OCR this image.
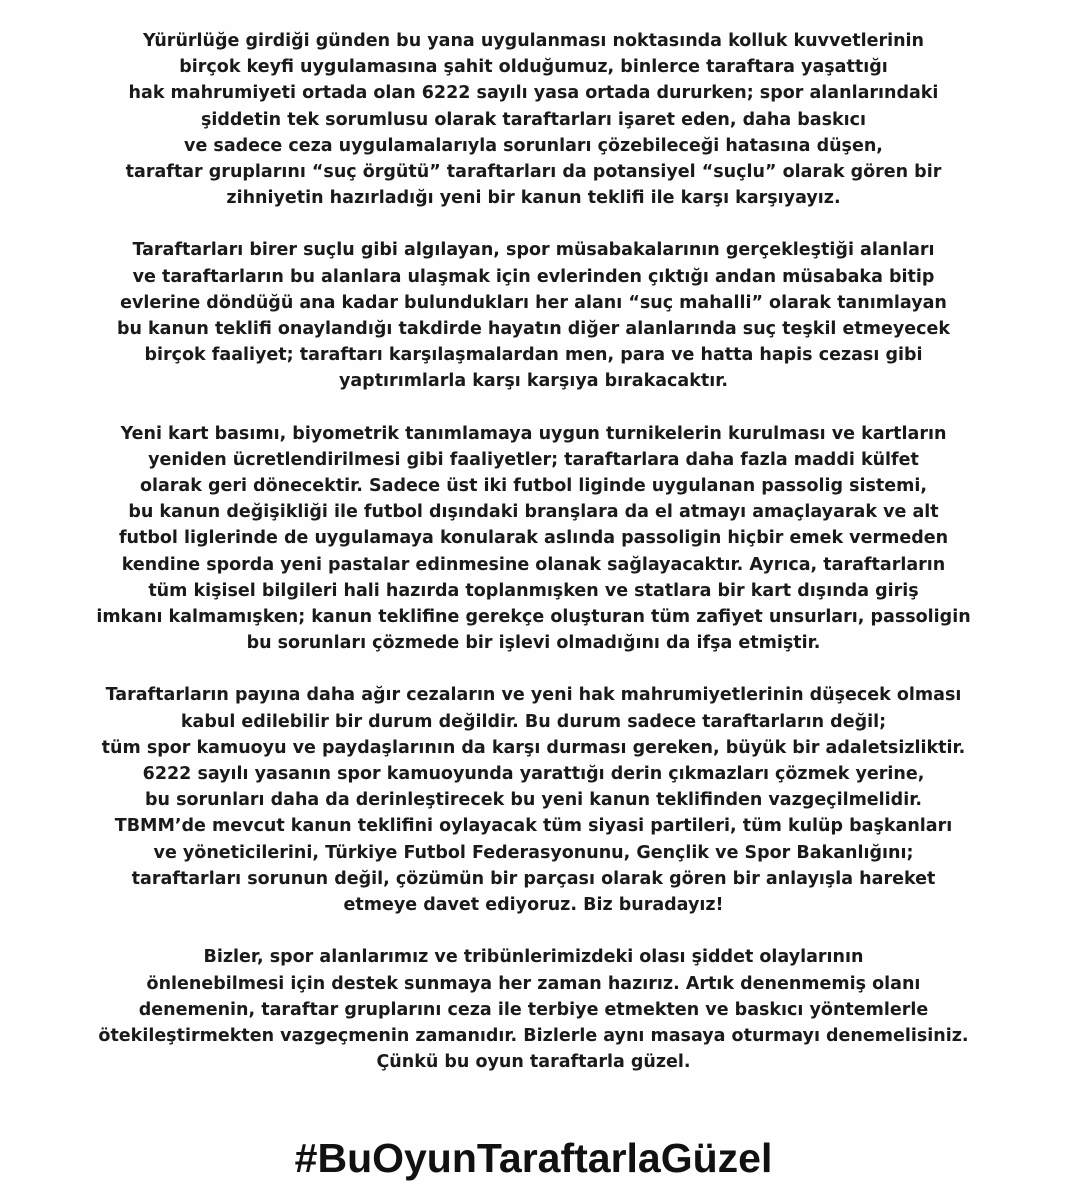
Yürürlüğe girdiği günden bu yana uygulanması noktasında kolluk kuvvetlerinin
birçok keyfi uygulamasına şahit olduğumuz, binlerce taraftara yaşattığı
hak mahrumiyeti ortada olan 6222 sayılı yasa ortada dururken; spor alanlarındaki
şiddetin tek sorumlusu olarak taraftarları işaret eden, daha baskıcı
ve sadece ceza uygulamalarıyla sorunları çözebileceği hatasına düşen,
taraftar gruplarını “suç örgütü” taraftarları da potansiyel “suçlu” olarak gören bir
zihniyetin hazırladığı yeni bir kanun teklifi ile karşı karşıyayız.

Taraftarları birer suçlu gibi algılayan, spor müsabakalarının gerçekleştiği alanları
ve taraftarların bu alanlara ulaşmak için evlerinden çıktığı andan müsabaka bitip
evlerine döndüğü ana kadar bulundukları her alanı “suç mahalli” olarak tanımlayan
bu kanun teklifi onaylandığı takdirde hayatın diğer alanlarında suç teşkil etmeyecek
birçok faaliyet; taraftarı karşılaşmalardan men, para ve hatta hapis cezası gibi
yaptırımlarla karşı karşıya bırakacaktır.

Yeni kart basımı, biyometrik tanımlamaya uygun turnikelerin kurulması ve kartların
yeniden ücretlendirilmesi gibi faaliyetler; taraftarlara daha fazla maddi külfet
olarak geri dönecektir. Sadece üst iki futbol liginde uygulanan passolig sistemi,
bu kanun değişikliği ile futbol dışındaki branşlara da el atmayı amaçlayarak ve alt
futbol liglerinde de uygulamaya konularak aslında passoligin hiçbir emek vermeden
kendine sporda yeni pastalar edinmesine olanak sağlayacaktır. Ayrıca, taraftarların
tüm kişisel bilgileri hali hazırda toplanmışken ve statlara bir kart dışında giriş
imkanı kalmamışken; kanun teklifine gerekçe oluşturan tüm zafiyet unsurları, passoligin
bu sorunları çözmede bir işlevi olmadığını da ifşa etmiştir.

Taraftarların payına daha ağır cezaların ve yeni hak mahrumiyetlerinin düşecek olması
kabul edilebilir bir durum değildir. Bu durum sadece taraftarların değil;
tüm spor kamuoyu ve paydaşlarının da karşı durması gereken, büyük bir adaletsizliktir.
6222 sayılı yasanın spor kamuoyunda yarattığı derin çıkmazları çözmek yerine,
bu sorunları daha da derinleştirecek bu yeni kanun teklifinden vazgeçilmelidir.
TBMM’de mevcut kanun teklifini oylayacak tüm siyasi partileri, tüm kulüp başkanları
ve yöneticilerini, Türkiye Futbol Federasyonunu, Gençlik ve Spor Bakanlığını;
taraftarları sorunun değil, çözümün bir parçası olarak gören bir anlayışla hareket
etmeye davet ediyoruz. Biz buradayız!

Bizler, spor alanlarımız ve tribünlerimizdeki olası şiddet olaylarının
önlenebilmesi için destek sunmaya her zaman hazırız. Artık denenmemiş olanı
denemenin, taraftar gruplarını ceza ile terbiye etmekten ve baskıcı yöntemlerle
ötekileştirmekten vazgeçmenin zamanıdır. Bizlerle aynı masaya oturmayı denemelisiniz.
Çünkü bu oyun taraftarla güzel.

#BuOyunTaraftarlaGüzel
